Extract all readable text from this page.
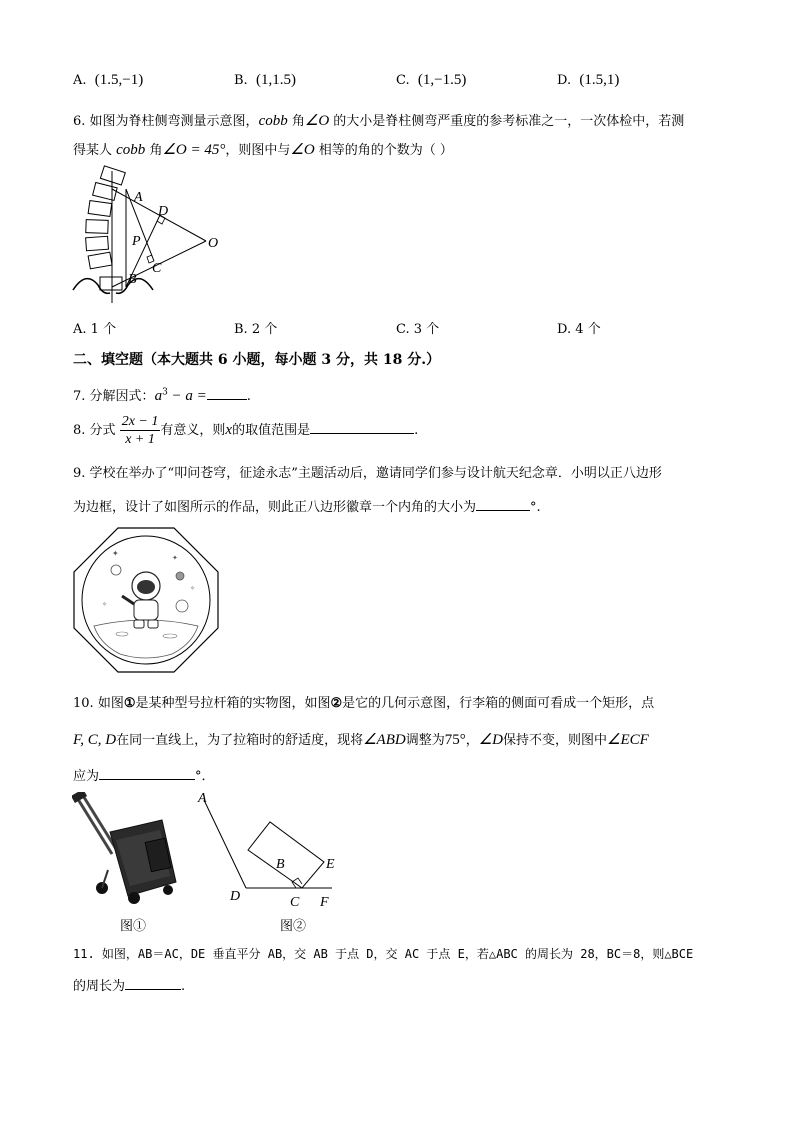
A. (1.5,−1)	B. (1,1.5)	C. (1,−1.5)	D. (1.5,1)
6. 如图为脊柱侧弯测量示意图，cobb 角∠O 的大小是脊柱侧弯严重度的参考标准之一，一次体检中，若测
得某人 cobb 角∠O = 45°，则图中与∠O 相等的角的个数为（ ）
A
D
P	O
C
B
A. 1 个	B. 2 个	C. 3 个	D. 4 个
二、填空题（本大题共 6 小题，每小题 3 分，共 18 分.）
7. 分解因式：$a^3 - a$ =	.
8. 分式 $\frac{2x - 1}{x + 1}$ 有意义，则x的取值范围是	.
9. 学校在举办了“叩问苍穹，征途永志”主题活动后，邀请同学们参与设计航天纪念章．小明以正八边形
为边框，设计了如图所示的作品，则此正八边形徽章一个内角的大小为	°.
✦	✦
✧
✧
10. 如图①是某种型号拉杆箱的实物图，如图②是它的几何示意图，行李箱的侧面可看成一个矩形，点
F, C, D在同一直线上，为了拉箱时的舒适度，现将∠ABD调整为75°，∠D保持不变，则图中∠ECF
应为	°．
图①
A
B	E
D	C F
图②
11. 如图，AB＝AC，DE 垂直平分 AB，交 AB 于点 D，交 AC 于点 E，若△ABC 的周长为 28，BC＝8，则△BCE
的周长为	.
